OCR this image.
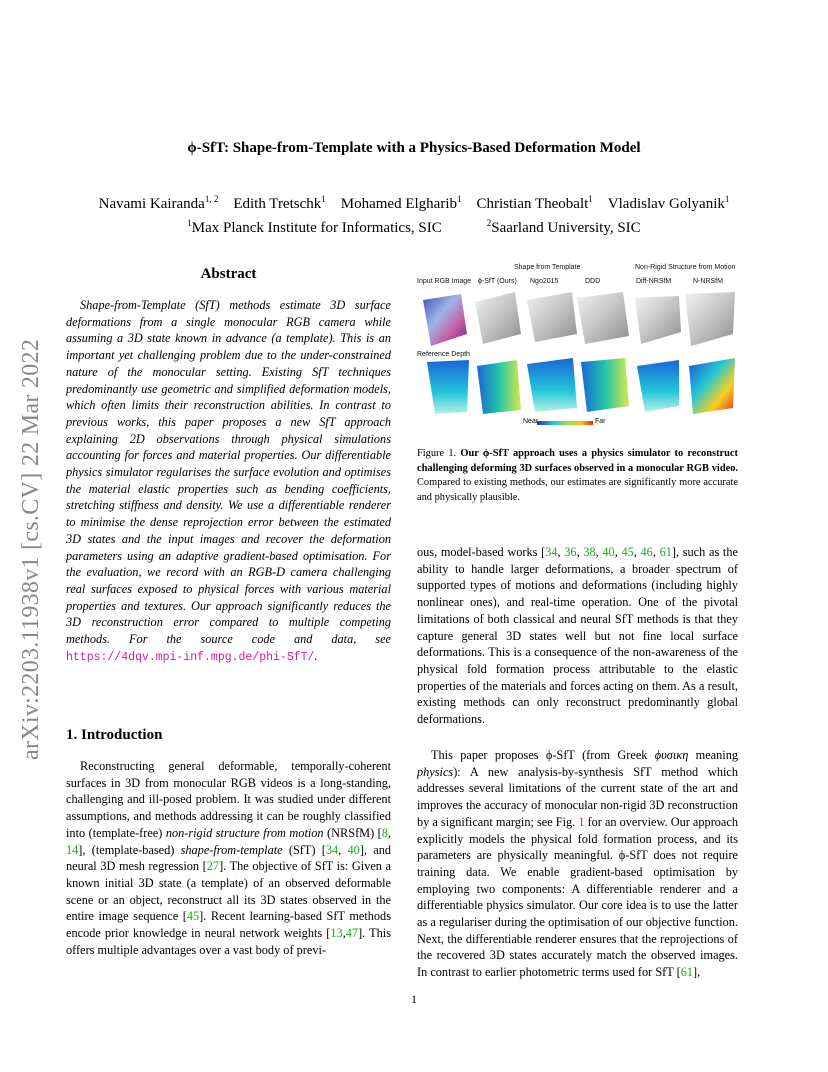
arXiv:2203.11938v1 [cs.CV] 22 Mar 2022
ϕ-SfT: Shape-from-Template with a Physics-Based Deformation Model
Navami Kairanda$^{1, 2}$  Edith Tretschk$^1$  Mohamed Elgharib$^1$  Christian Theobalt$^1$  Vladislav Golyanik$^1$
$^1$Max Planck Institute for Informatics, SIC   	$^2$Saarland University, SIC
Abstract

Shape-from-Template (SfT) methods estimate 3D surface deformations from a single monocular RGB camera while assuming a 3D state known in advance (a template). This is an important yet challenging problem due to the under-constrained nature of the monocular setting. Existing SfT techniques predominantly use geometric and simplified deformation models, which often limits their reconstruction abilities. In contrast to previous works, this paper proposes a new SfT approach explaining 2D observations through physical simulations accounting for forces and material properties. Our differentiable physics simulator regularises the surface evolution and optimises the material elastic properties such as bending coefficients, stretching stiffness and density. We use a differentiable renderer to minimise the dense reprojection error between the estimated 3D states and the input images and recover the deformation parameters using an adaptive gradient-based optimisation. For the evaluation, we record with an RGB-D camera challenging real surfaces exposed to physical forces with various material properties and textures. Our approach significantly reduces the 3D reconstruction error compared to multiple competing methods. For the source code and data, see https://4dqv.mpi-inf.mpg.de/phi-SfT/.

1. Introduction

Reconstructing general deformable, temporally-coherent surfaces in 3D from monocular RGB videos is a long-standing, challenging and ill-posed problem. It was studied under different assumptions, and methods addressing it can be roughly classified into (template-free) non-rigid structure from motion (NRSfM) [8, 14], (template-based) shape-from-template (SfT) [34, 40], and neural 3D mesh regression [27]. The objective of SfT is: Given a known initial 3D state (a template) of an observed deformable scene or an object, reconstruct all its 3D states observed in the entire image sequence [45]. Recent learning-based SfT methods encode prior knowledge in neural network weights [13,47]. This offers multiple advantages over a vast body of previ-

Shape from Template	Non-Rigid Structure from Motion
Input RGB Image ϕ-SfT (Ours) Ngo2015	DDD	Diff-NRSfM	N-NRSfM
Reference Depth
Near	Far

Figure 1. Our ϕ-SfT approach uses a physics simulator to reconstruct challenging deforming 3D surfaces observed in a monocular RGB video. Compared to existing methods, our estimates are significantly more accurate and physically plausible.

ous, model-based works [34, 36, 38, 40, 45, 46, 61], such as the ability to handle larger deformations, a broader spectrum of supported types of motions and deformations (including highly nonlinear ones), and real-time operation. One of the pivotal limitations of both classical and neural SfT methods is that they capture general 3D states well but not fine local surface deformations. This is a consequence of the non-awareness of the physical fold formation process attributable to the elastic properties of the materials and forces acting on them. As a result, existing methods can only reconstruct predominantly global deformations.

This paper proposes ϕ-SfT (from Greek ϕυσικη meaning physics): A new analysis-by-synthesis SfT method which addresses several limitations of the current state of the art and improves the accuracy of monocular non-rigid 3D reconstruction by a significant margin; see Fig. 1 for an overview. Our approach explicitly models the physical fold formation process, and its parameters are physically meaningful. ϕ-SfT does not require training data. We enable gradient-based optimisation by employing two components: A differentiable renderer and a differentiable physics simulator. Our core idea is to use the latter as a regulariser during the optimisation of our objective function. Next, the differentiable renderer ensures that the reprojections of the recovered 3D states accurately match the observed images. In contrast to earlier photometric terms used for SfT [61],

1
